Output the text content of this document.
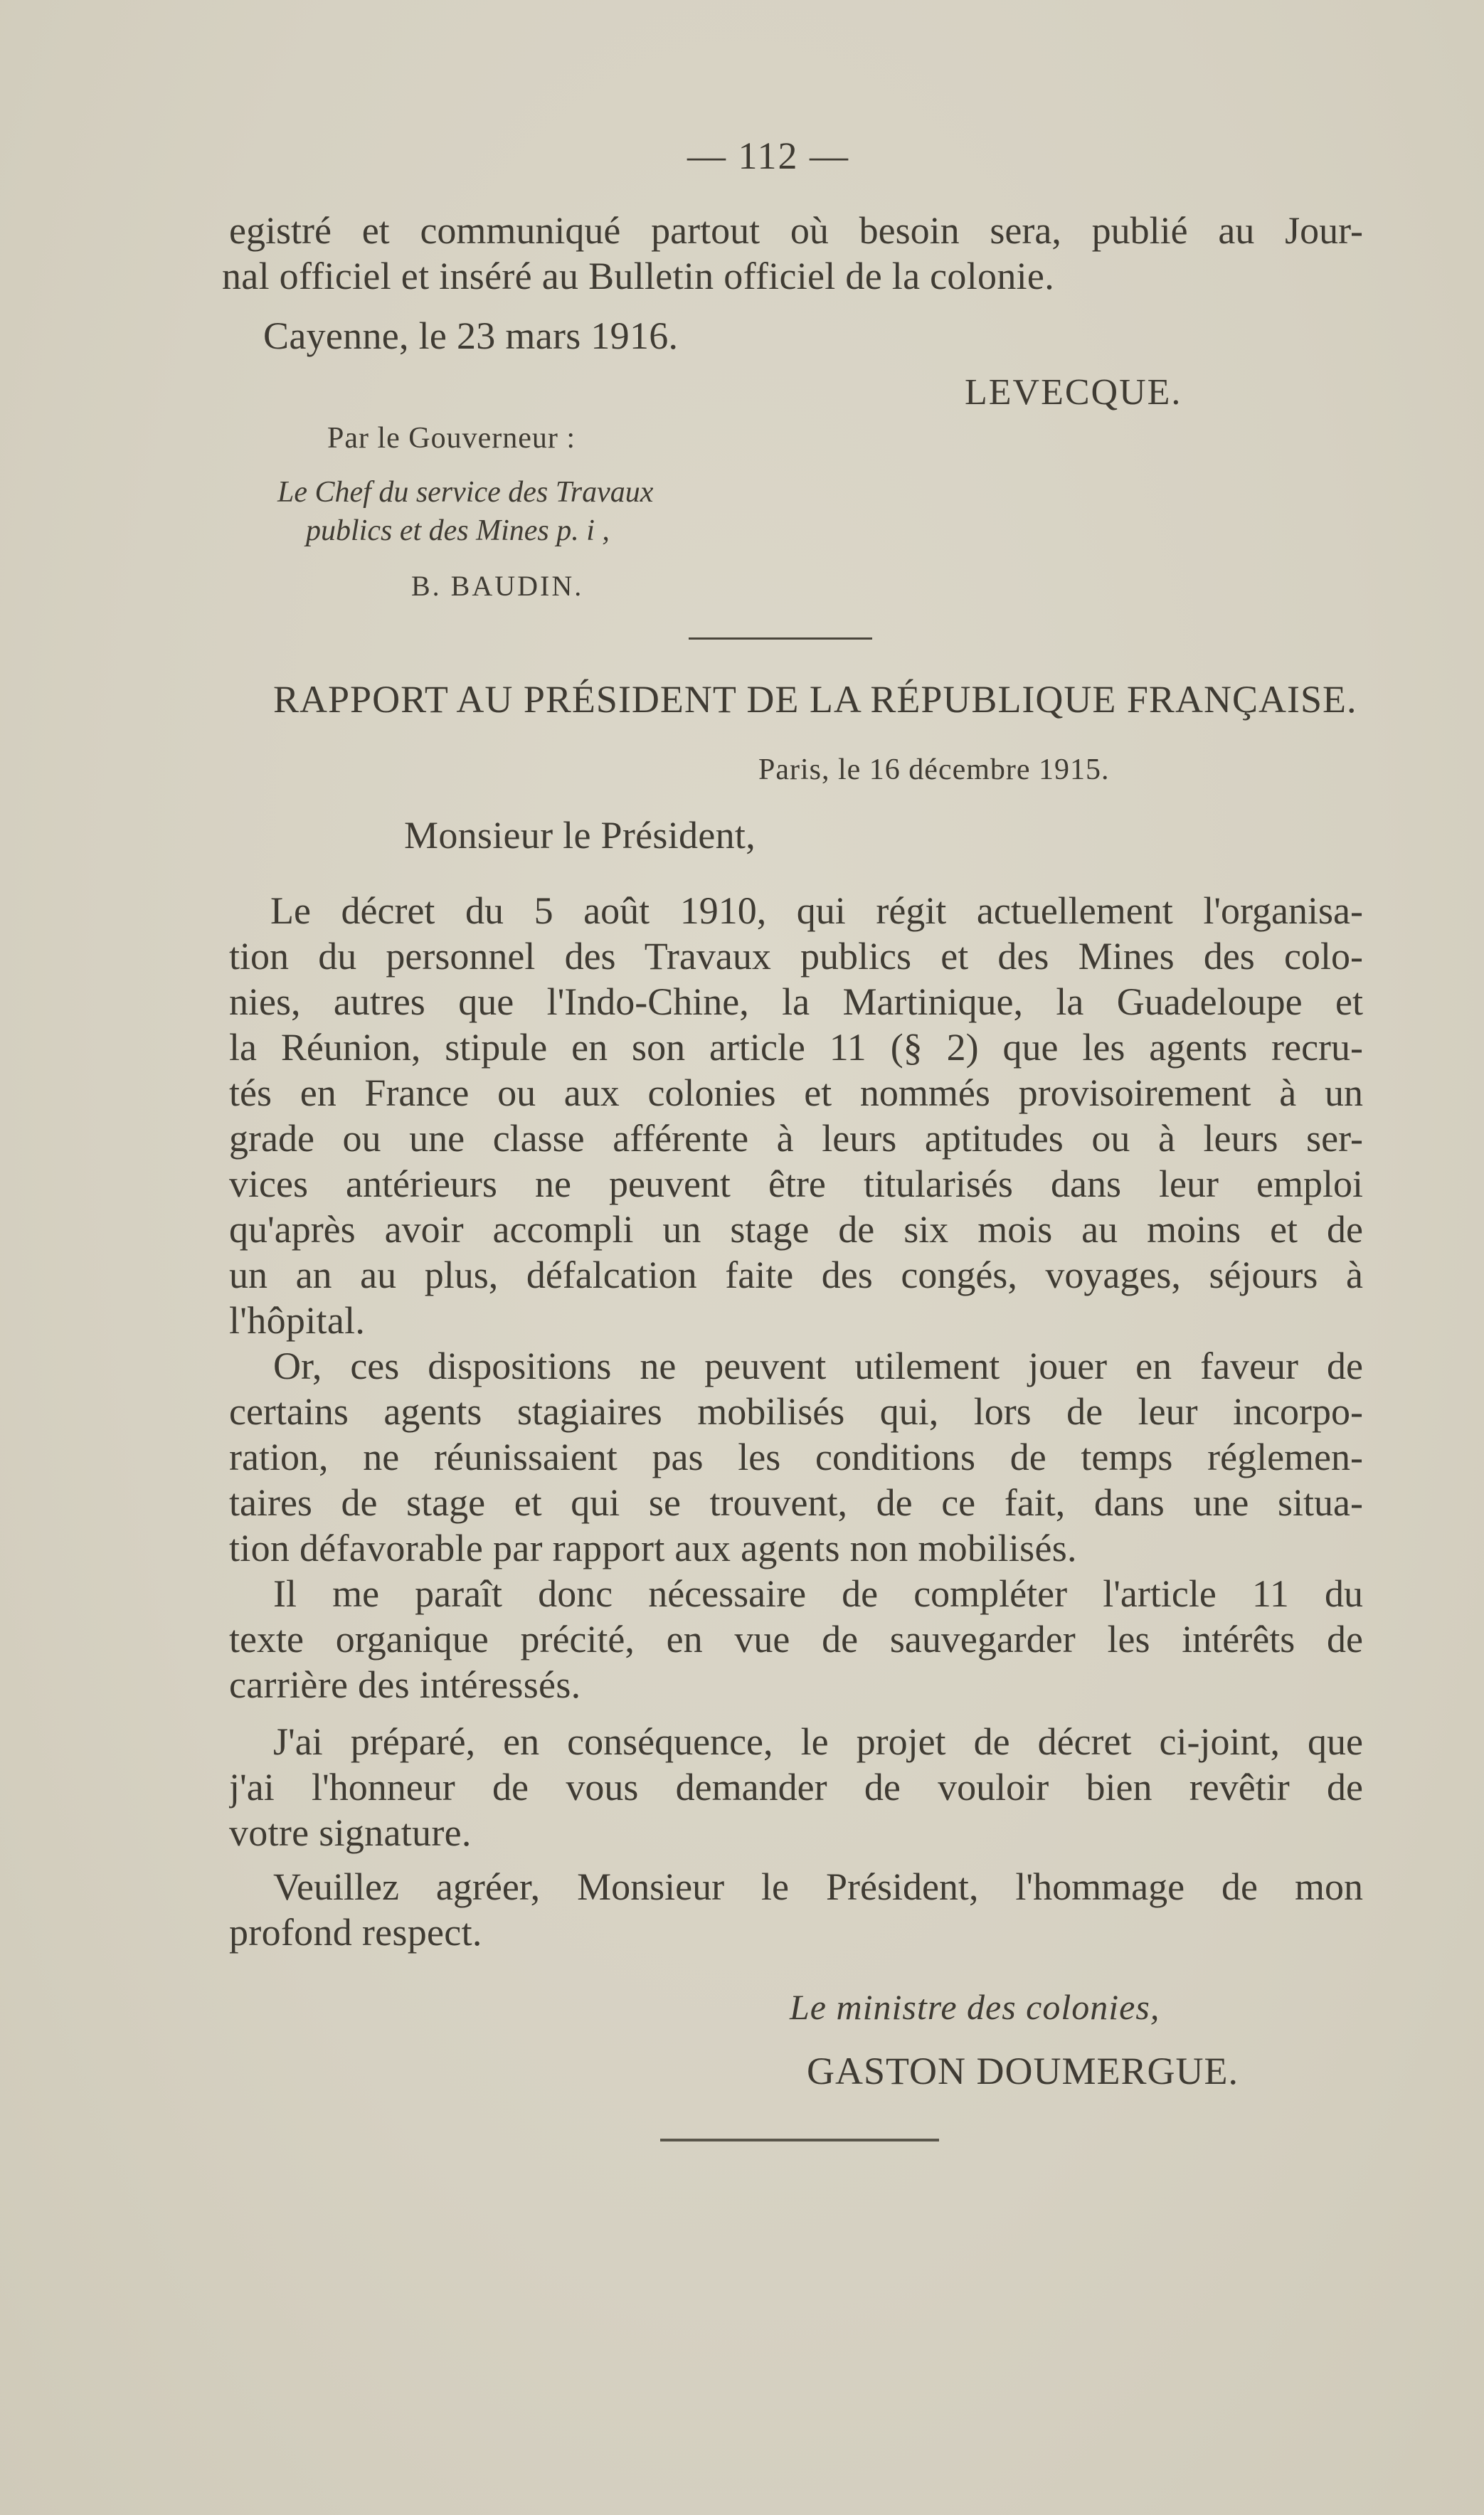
— 112 —
egistré et communiqué partout où besoin sera, publié au Jour-
nal officiel et inséré au Bulletin officiel de la colonie.
Cayenne, le 23 mars 1916.
LEVECQUE.
Par le Gouverneur :
Le Chef du service des Travaux
publics et des Mines p. i ,
B. BAUDIN.
RAPPORT AU PRÉSIDENT DE LA RÉPUBLIQUE FRANÇAISE.
Paris, le 16 décembre 1915.
Monsieur le Président,
Le décret du 5 août 1910, qui régit actuellement l'organisa-
tion du personnel des Travaux publics et des Mines des colo-
nies, autres que l'Indo-Chine, la Martinique, la Guadeloupe et
la Réunion, stipule en son article 11 (§ 2) que les agents recru-
tés en France ou aux colonies et nommés provisoirement à un
grade ou une classe afférente à leurs aptitudes ou à leurs ser-
vices antérieurs ne peuvent être titularisés dans leur emploi
qu'après avoir accompli un stage de six mois au moins et de
un an au plus, défalcation faite des congés, voyages, séjours à
l'hôpital.
Or, ces dispositions ne peuvent utilement jouer en faveur de
certains agents stagiaires mobilisés qui, lors de leur incorpo-
ration, ne réunissaient pas les conditions de temps réglemen-
taires de stage et qui se trouvent, de ce fait, dans une situa-
tion défavorable par rapport aux agents non mobilisés.
Il me paraît donc nécessaire de compléter l'article 11 du
texte organique précité, en vue de sauvegarder les intérêts de
carrière des intéressés.
J'ai préparé, en conséquence, le projet de décret ci-joint, que
j'ai l'honneur de vous demander de vouloir bien revêtir de
votre signature.
Veuillez agréer, Monsieur le Président, l'hommage de mon
profond respect.
Le ministre des colonies,
GASTON DOUMERGUE.
